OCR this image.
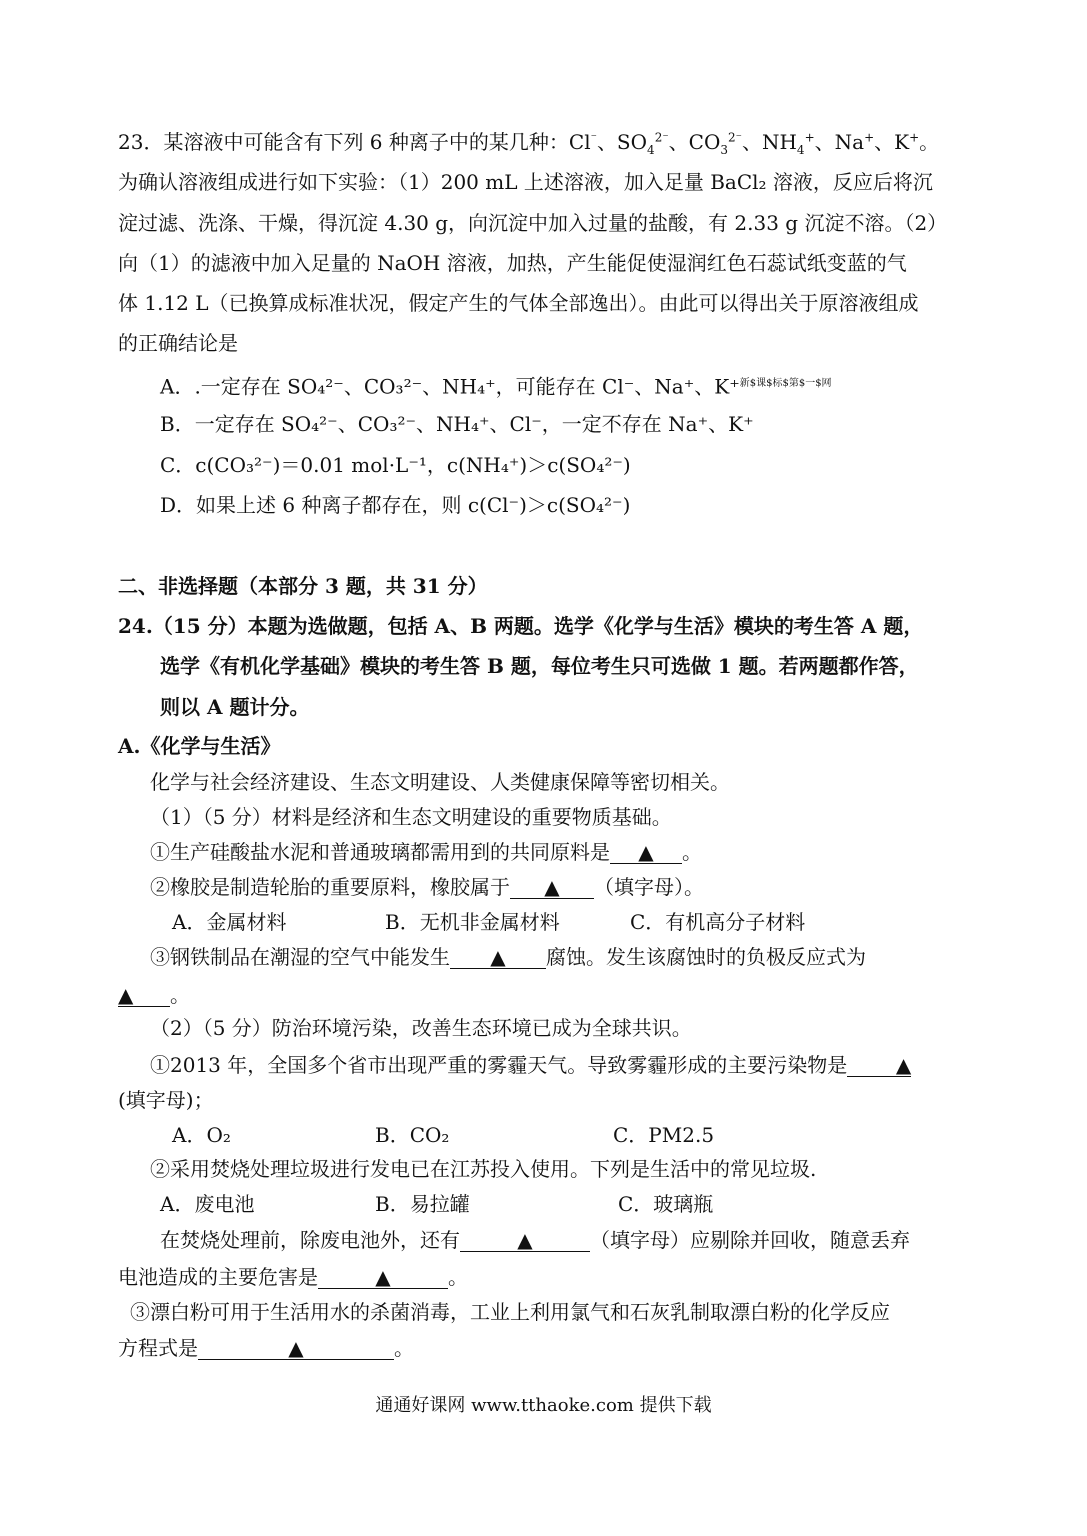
23．某溶液中可能含有下列 6 种离子中的某几种：Cl⁻、$SO_4^{2^-}$、$CO_3^{2^-}$、$NH_4^+$、Na+、K+。
为确认溶液组成进行如下实验：（1）200 mL 上述溶液，加入足量 BaCl₂ 溶液，反应后将沉
淀过滤、洗涤、干燥，得沉淀 4.30 g，向沉淀中加入过量的盐酸，有 2.33 g 沉淀不溶。（2）
向（1）的滤液中加入足量的 NaOH 溶液，加热，产生能促使湿润红色石蕊试纸变蓝的气
体 1.12 L（已换算成标准状况，假定产生的气体全部逸出）。由此可以得出关于原溶液组成
的正确结论是
A．.一定存在 SO₄²⁻、CO₃²⁻、NH₄⁺，可能存在 Cl⁻、Na⁺、K⁺$^{新\$课\$标\$第\$一\$网}$
B．一定存在 SO₄²⁻、CO₃²⁻、NH₄⁺、Cl⁻，一定不存在 Na⁺、K⁺
C．c(CO₃²⁻)＝0.01 mol·L⁻¹，c(NH₄⁺)＞c(SO₄²⁻)
D．如果上述 6 种离子都存在，则 c(Cl⁻)＞c(SO₄²⁻)
二、非选择题（本部分 3 题，共 31 分）
24.（15 分）本题为选做题，包括 A、B 两题。选学《化学与生活》模块的考生答 A 题，
选学《有机化学基础》模块的考生答 B 题，每位考生只可选做 1 题。若两题都作答，
则以 A 题计分。
A.《化学与生活》
化学与社会经济建设、生态文明建设、人类健康保障等密切相关。
（1）（5 分）材料是经济和生态文明建设的重要物质基础。
①生产硅酸盐水泥和普通玻璃都需用到的共同原料是 ▲ 。
②橡胶是制造轮胎的重要原料，橡胶属于 ▲ （填字母）。
A．金属材料	B．无机非金属材料	C．有机高分子材料
③钢铁制品在潮湿的空气中能发生 ▲ 腐蚀。发生该腐蚀时的负极反应式为
▲ 。
（2）（5 分）防治环境污染，改善生态环境已成为全球共识。
①2013 年，全国多个省市出现严重的雾霾天气。导致雾霾形成的主要污染物是 ▲
(填字母)；
A．O₂	B．CO₂	C．PM2.5
②采用焚烧处理垃圾进行发电已在江苏投入使用。下列是生活中的常见垃圾.
A．废电池	B．易拉罐	C．玻璃瓶
在焚烧处理前，除废电池外，还有	▲	（填字母）应剔除并回收，随意丢弃
电池造成的主要危害是	▲	。
③漂白粉可用于生活用水的杀菌消毒，工业上利用氯气和石灰乳制取漂白粉的化学反应
方程式是	▲	。
通通好课网 www.tthaoke.com 提供下载
